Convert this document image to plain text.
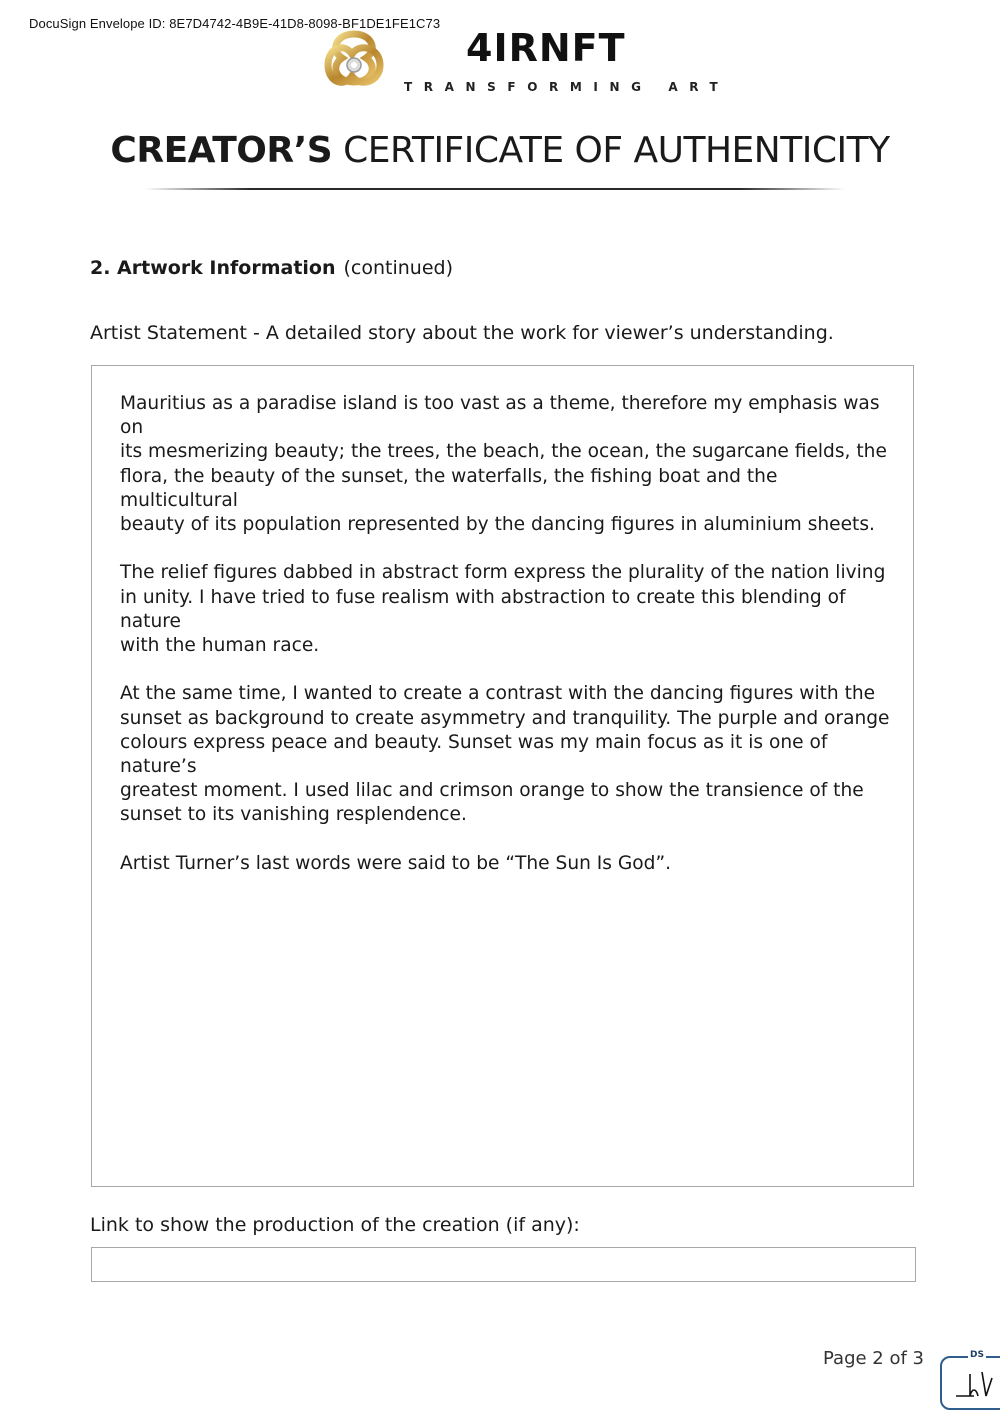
DocuSign Envelope ID: 8E7D4742-4B9E-41D8-8098-BF1DE1FE1C73
4IRNFT
TRANSFORMING ART
CREATOR’S CERTIFICATE OF AUTHENTICITY
2. Artwork Information (continued)
Artist Statement - A detailed story about the work for viewer’s understanding.

Mauritius as a paradise island is too vast as a theme, therefore my emphasis was on
its mesmerizing beauty; the trees, the beach, the ocean, the sugarcane fields, the
flora, the beauty of the sunset, the waterfalls, the fishing boat and the multicultural
beauty of its population represented by the dancing figures in aluminium sheets.

The relief figures dabbed in abstract form express the plurality of the nation living
in unity. I have tried to fuse realism with abstraction to create this blending of nature
with the human race.

At the same time, I wanted to create a contrast with the dancing figures with the
sunset as background to create asymmetry and tranquility. The purple and orange
colours express peace and beauty. Sunset was my main focus as it is one of nature’s
greatest moment. I used lilac and crimson orange to show the transience of the
sunset to its vanishing resplendence.

Artist Turner’s last words were said to be “The Sun Is God”.

Link to show the production of the creation (if any):
Page 2 of 3	DS
